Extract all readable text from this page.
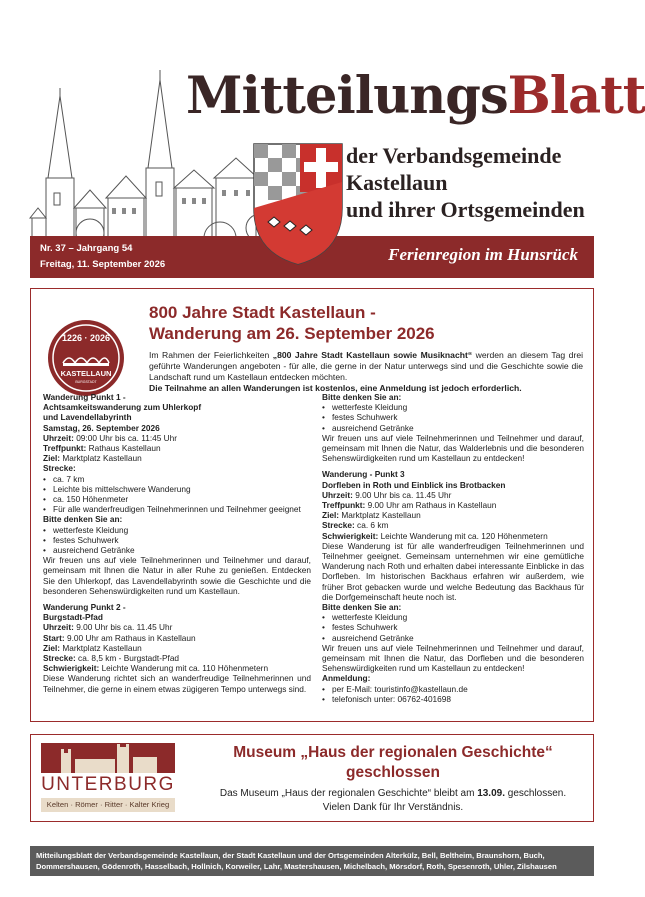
MitteilungsBlatt
Nr. 37 – Jahrgang 54
Freitag, 11. September 2026
Ferienregion im Hunsrück
der Verbandsgemeinde
Kastellaun
und ihrer Ortsgemeinden
1226 · 2026
KASTELLAUN
BURGSTADT
800 Jahre Stadt Kastellaun -
Wanderung am 26. September 2026
Im Rahmen der Feierlichkeiten „800 Jahre Stadt Kastellaun sowie Musiknacht“ werden an diesem Tag drei geführte Wanderungen angeboten - für alle, die gerne in der Natur unterwegs sind und die Geschichte sowie die Landschaft rund um Kastellaun entdecken möchten.
Die Teilnahme an allen Wanderungen ist kostenlos, eine Anmeldung ist jedoch erforderlich.

Wanderung Punkt 1 -

Achtsamkeitswanderung zum Uhlerkopf

und Lavendellabyrinth

Samstag, 26. September 2026

Uhrzeit: 09:00 Uhr bis ca. 11:45 Uhr

Treffpunkt: Rathaus Kastellaun

Ziel: Marktplatz Kastellaun

Strecke:

• ca. 7 km
• Leichte bis mittelschwere Wanderung
• ca. 150 Höhenmeter
• Für alle wanderfreudigen Teilnehmerinnen und Teilnehmer geeignet

Bitte denken Sie an:

• wetterfeste Kleidung
• festes Schuhwerk
• ausreichend Getränke

Wir freuen uns auf viele Teilnehmerinnen und Teilnehmer und darauf, gemeinsam mit Ihnen die Natur in aller Ruhe zu genießen. Entdecken Sie den Uhlerkopf, das Lavendellabyrinth sowie die Geschichte und die besonderen Sehenswürdigkeiten rund um Kastellaun.

Wanderung Punkt 2 -

Burgstadt-Pfad

Uhrzeit: 9.00 Uhr bis ca. 11.45 Uhr

Start: 9.00 Uhr am Rathaus in Kastellaun

Ziel: Marktplatz Kastellaun

Strecke: ca. 8,5 km - Burgstadt-Pfad

Schwierigkeit: Leichte Wanderung mit ca. 110 Höhenmetern

Diese Wanderung richtet sich an wanderfreudige Teilnehmerinnen und Teilnehmer, die gerne in einem etwas zügigeren Tempo unterwegs sind.

Bitte denken Sie an:

• wetterfeste Kleidung
• festes Schuhwerk
• ausreichend Getränke

Wir freuen uns auf viele Teilnehmerinnen und Teilnehmer und darauf, gemeinsam mit Ihnen die Natur, das Walderlebnis und die besonderen Sehenswürdigkeiten rund um Kastellaun zu entdecken!

Wanderung - Punkt 3

Dorfleben in Roth und Einblick ins Brotbacken

Uhrzeit: 9.00 Uhr bis ca. 11.45 Uhr

Treffpunkt: 9.00 Uhr am Rathaus in Kastellaun

Ziel: Marktplatz Kastellaun

Strecke: ca. 6 km

Schwierigkeit: Leichte Wanderung mit ca. 120 Höhenmetern

Diese Wanderung ist für alle wanderfreudigen Teilnehmerinnen und Teilnehmer geeignet. Gemeinsam unternehmen wir eine gemütliche Wanderung nach Roth und erhalten dabei interessante Einblicke in das Dorfleben. Im historischen Backhaus erfahren wir außerdem, wie früher Brot gebacken wurde und welche Bedeutung das Backhaus für die Dorfgemeinschaft heute noch ist.

Bitte denken Sie an:

• wetterfeste Kleidung
• festes Schuhwerk
• ausreichend Getränke

Wir freuen uns auf viele Teilnehmerinnen und Teilnehmer und darauf, gemeinsam mit Ihnen die Natur, das Dorfleben und die besonderen Sehenswürdigkeiten rund um Kastellaun zu entdecken!

Anmeldung:

• per E-Mail: touristinfo@kastellaun.de
• telefonisch unter: 06762-401698
UNTERBURG
Kelten · Römer · Ritter · Kalter Krieg
Museum „Haus der regionalen Geschichte“
geschlossen
Das Museum „Haus der regionalen Geschichte“ bleibt am 13.09. geschlossen.
Vielen Dank für Ihr Verständnis.
Mitteilungsblatt der Verbandsgemeinde Kastellaun, der Stadt Kastellaun und der Ortsgemeinden Alterkülz, Bell, Beltheim, Braunshorn, Buch, Dommershausen, Gödenroth, Hasselbach, Hollnich, Korweiler, Lahr, Mastershausen, Michelbach, Mörsdorf, Roth, Spesenroth, Uhler, Zilshausen
